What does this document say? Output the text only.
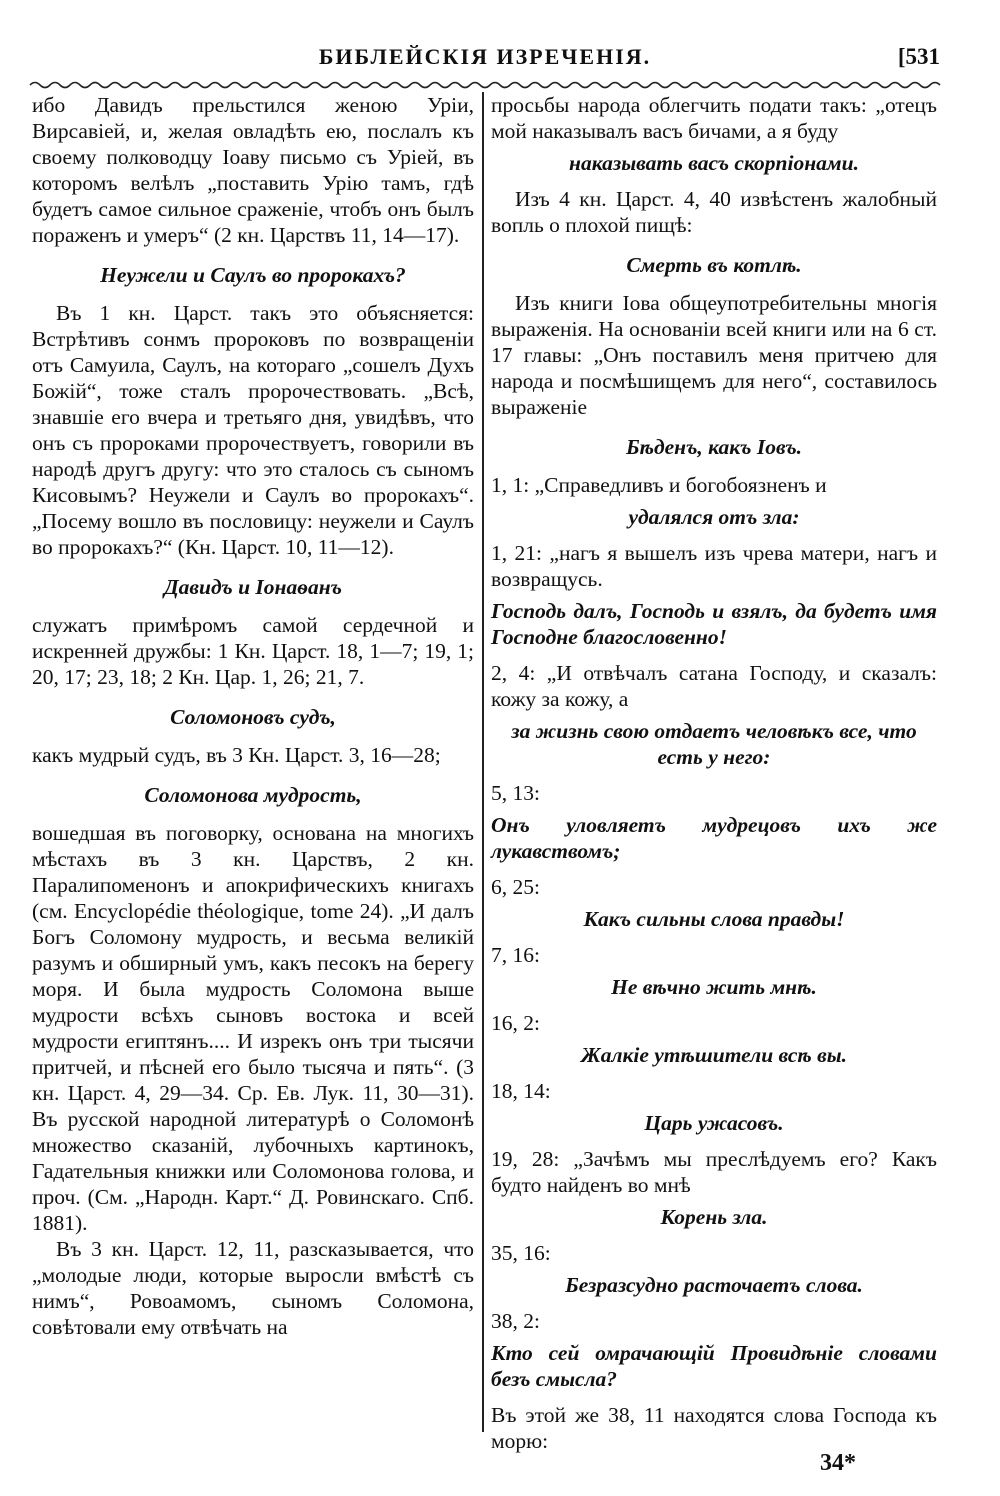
БИБЛЕЙСКІЯ ИЗРЕЧЕНІЯ.	[531

ибо Давидъ прельстился женою Уріи, Вирсавіей, и, желая овладѣть ею, послалъ къ своему полководцу Іоаву письмо съ Уріей, въ которомъ велѣлъ „поставить Урію тамъ, гдѣ будетъ самое сильное сраженіе, чтобъ онъ былъ пораженъ и умеръ“ (2 кн. Царствъ 11, 14—17).

Неужели и Саулъ во пророкахъ?

Въ 1 кн. Царст. такъ это объясняется: Встрѣтивъ сонмъ пророковъ по возвращеніи отъ Самуила, Саулъ, на котораго „сошелъ Духъ Божій“, тоже сталъ пророчествовать. „Всѣ, знавшіе его вчера и третьяго дня, увидѣвъ, что онъ съ пророками пророчествуетъ, говорили въ народѣ другъ другу: что это сталось съ сыномъ Кисовымъ? Неужели и Саулъ во пророкахъ“. „Посему вошло въ пословицу: неужели и Саулъ во пророкахъ?“ (Кн. Царст. 10, 11—12).

Давидъ и Іонаѳанъ

служатъ примѣромъ самой сердечной и искренней дружбы: 1 Кн. Царст. 18, 1—7; 19, 1; 20, 17; 23, 18; 2 Кн. Цар. 1, 26; 21, 7.

Соломоновъ судъ,

какъ мудрый судъ, въ 3 Кн. Царст. 3, 16—28;

Соломонова мудрость,

вошедшая въ поговорку, основана на многихъ мѣстахъ въ 3 кн. Царствъ, 2 кн. Паралипоменонъ и апокрифическихъ книгахъ (см. Encyclopédie théologique, tome 24). „И далъ Богъ Соломону мудрость, и весьма великій разумъ и обширный умъ, какъ песокъ на берегу моря. И была мудрость Соломона выше мудрости всѣхъ сыновъ востока и всей мудрости египтянъ.... И изрекъ онъ три тысячи притчей, и пѣсней его было тысяча и пять“. (3 кн. Царст. 4, 29—34. Ср. Ев. Лук. 11, 30—31). Въ русской народной литературѣ о Соломонѣ множество сказаній, лубочныхъ картинокъ, Гадательныя книжки или Соломонова голова, и проч. (См. „Народн. Карт.“ Д. Ровинскаго. Спб. 1881).

Въ 3 кн. Царст. 12, 11, разсказывается, что „молодые люди, которые выросли вмѣстѣ съ нимъ“, Ровоамомъ, сыномъ Соломона, совѣтовали ему отвѣчать на

просьбы народа облегчить подати такъ: „отецъ мой наказывалъ васъ бичами, а я буду

наказывать васъ скорпіонами.

Изъ 4 кн. Царст. 4, 40 извѣстенъ жалобный вопль о плохой пищѣ:

Смерть въ котлѣ.

Изъ книги Іова общеупотребительны многія выраженія. На основаніи всей книги или на 6 ст. 17 главы: „Онъ поставилъ меня притчею для народа и посмѣшищемъ для него“, составилось выраженіе

Бѣденъ, какъ Іовъ.

1, 1: „Справедливъ и богобоязненъ и

удалялся отъ зла:

1, 21: „нагъ я вышелъ изъ чрева матери, нагъ и возвращусь.

Господь далъ, Господь и взялъ, да будетъ имя Господне благословенно!

2, 4: „И отвѣчалъ сатана Господу, и сказалъ: кожу за кожу, а

за жизнь свою отдаетъ человѣкъ все, что есть у него:

5, 13:

Онъ уловляетъ мудрецовъ ихъ же лукавствомъ;

6, 25:

Какъ сильны слова правды!

7, 16:

Не вѣчно жить мнѣ.

16, 2:

Жалкіе утѣшители всѣ вы.

18, 14:

Царь ужасовъ.

19, 28: „Зачѣмъ мы преслѣдуемъ его? Какъ будто найденъ во мнѣ

Корень зла.

35, 16:

Безразсудно расточаетъ слова.

38, 2:

Кто сей омрачающій Провидѣніе словами безъ смысла?

Въ этой же 38, 11 находятся слова Господа къ морю:

34*
